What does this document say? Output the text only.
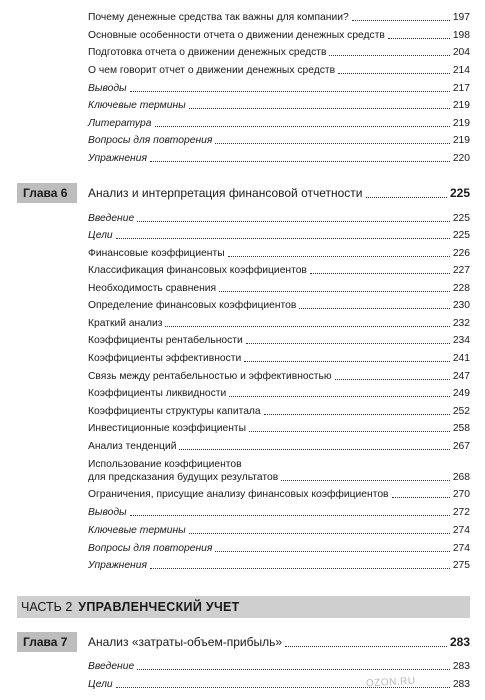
Почему денежные средства так важны для компании?	197
Основные особенности отчета о движении денежных средств	198
Подготовка отчета о движении денежных средств	204
О чем говорит отчет о движении денежных средств	214
Выводы	217
Ключевые термины	219
Литература	219
Вопросы для повторения	219
Упражнения	220
Глава 6	Анализ и интерпретация финансовой отчетности	225
Введение	225
Цели	225
Финансовые коэффициенты	226
Классификация финансовых коэффициентов	227
Необходимость сравнения	228
Определение финансовых коэффициентов	230
Краткий анализ	232
Коэффициенты рентабельности	234
Коэффициенты эффективности	241
Связь между рентабельностью и эффективностью	247
Коэффициенты ликвидности	249
Коэффициенты структуры капитала	252
Инвестиционные коэффициенты	258
Анализ тенденций	267
Использование коэффициентов
для предсказания будущих результатов	268
Ограничения, присущие анализу финансовых коэффициентов	270
Выводы	272
Ключевые термины	274
Вопросы для повторения	274
Упражнения	275
ЧАСТЬ 2 УПРАВЛЕНЧЕСКИЙ УЧЕТ
Глава 7	Анализ «затраты-объем-прибыль»	283
Введение	283
Цели	283
OZON.RU
